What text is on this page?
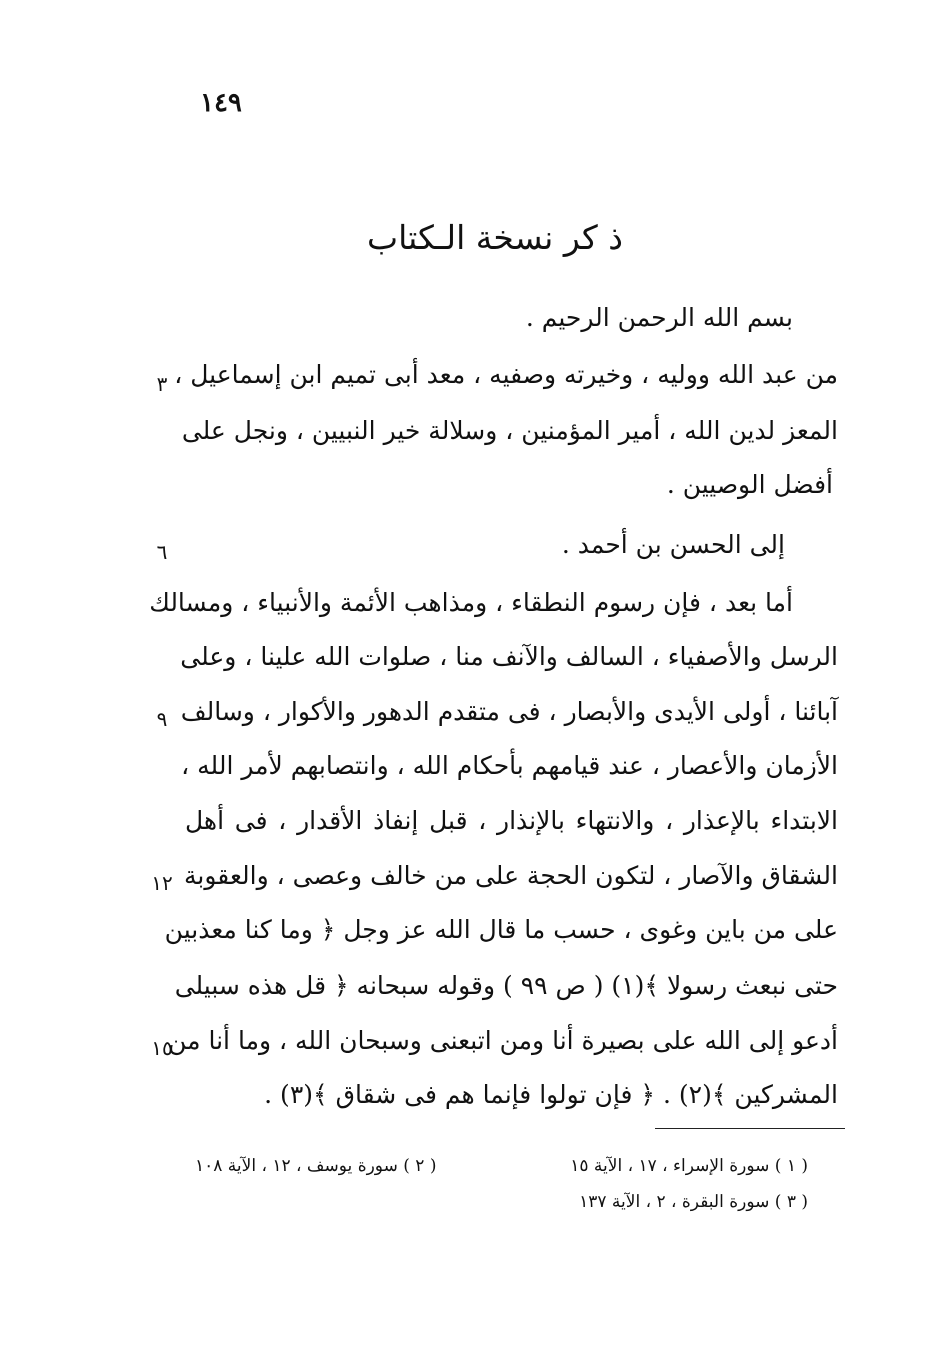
١٤٩
ذ كر نسخة الـكتاب
بسم الله الرحمن الرحيم .
من عبد الله ووليه ، وخيرته وصفيه ، معد أبى تميم ابن إسماعيل ،
المعز لدين الله ، أمير المؤمنين ، وسلالة خير النبيين ، ونجل على
أفضل الوصيين .
إلى الحسن بن أحمد .
أما بعد ، فإن رسوم النطقاء ، ومذاهب الأئمة والأنبياء ، ومسالك
الرسل والأصفياء ، السالف والآنف منا ، صلوات الله علينا ، وعلى
آبائنا ، أولى الأيدى والأبصار ، فى متقدم الدهور والأكوار ، وسالف
الأزمان والأعصار ، عند قيامهم بأحكام الله ، وانتصابهم لأمر الله ،
الابتداء بالإعذار ، والانتهاء بالإنذار ، قبل إنفاذ الأقدار ، فى أهل
الشقاق والآصار ، لتكون الحجة على من خالف وعصى ، والعقوبة
على من باين وغوى ، حسب ما قال الله عز وجل ﴿ وما كنا معذبين
حتى نبعث رسولا ﴾(١) ( ص ٩٩ ) وقوله سبحانه ﴿ قل هذه سبيلى
أدعو إلى الله على بصيرة أنا ومن اتبعنى وسبحان الله ، وما أنا من
المشركين ﴾(٢) . ﴿ فإن تولوا فإنما هم فى شقاق ﴾(٣) .
٣
٦
٩
١٢
١٥
( ١ ) سورة الإسراء ، ١٧ ، الآية ١٥
( ٢ ) سورة يوسف ، ١٢ ، الآية ١٠٨
( ٣ ) سورة البقرة ، ٢ ، الآية ١٣٧
